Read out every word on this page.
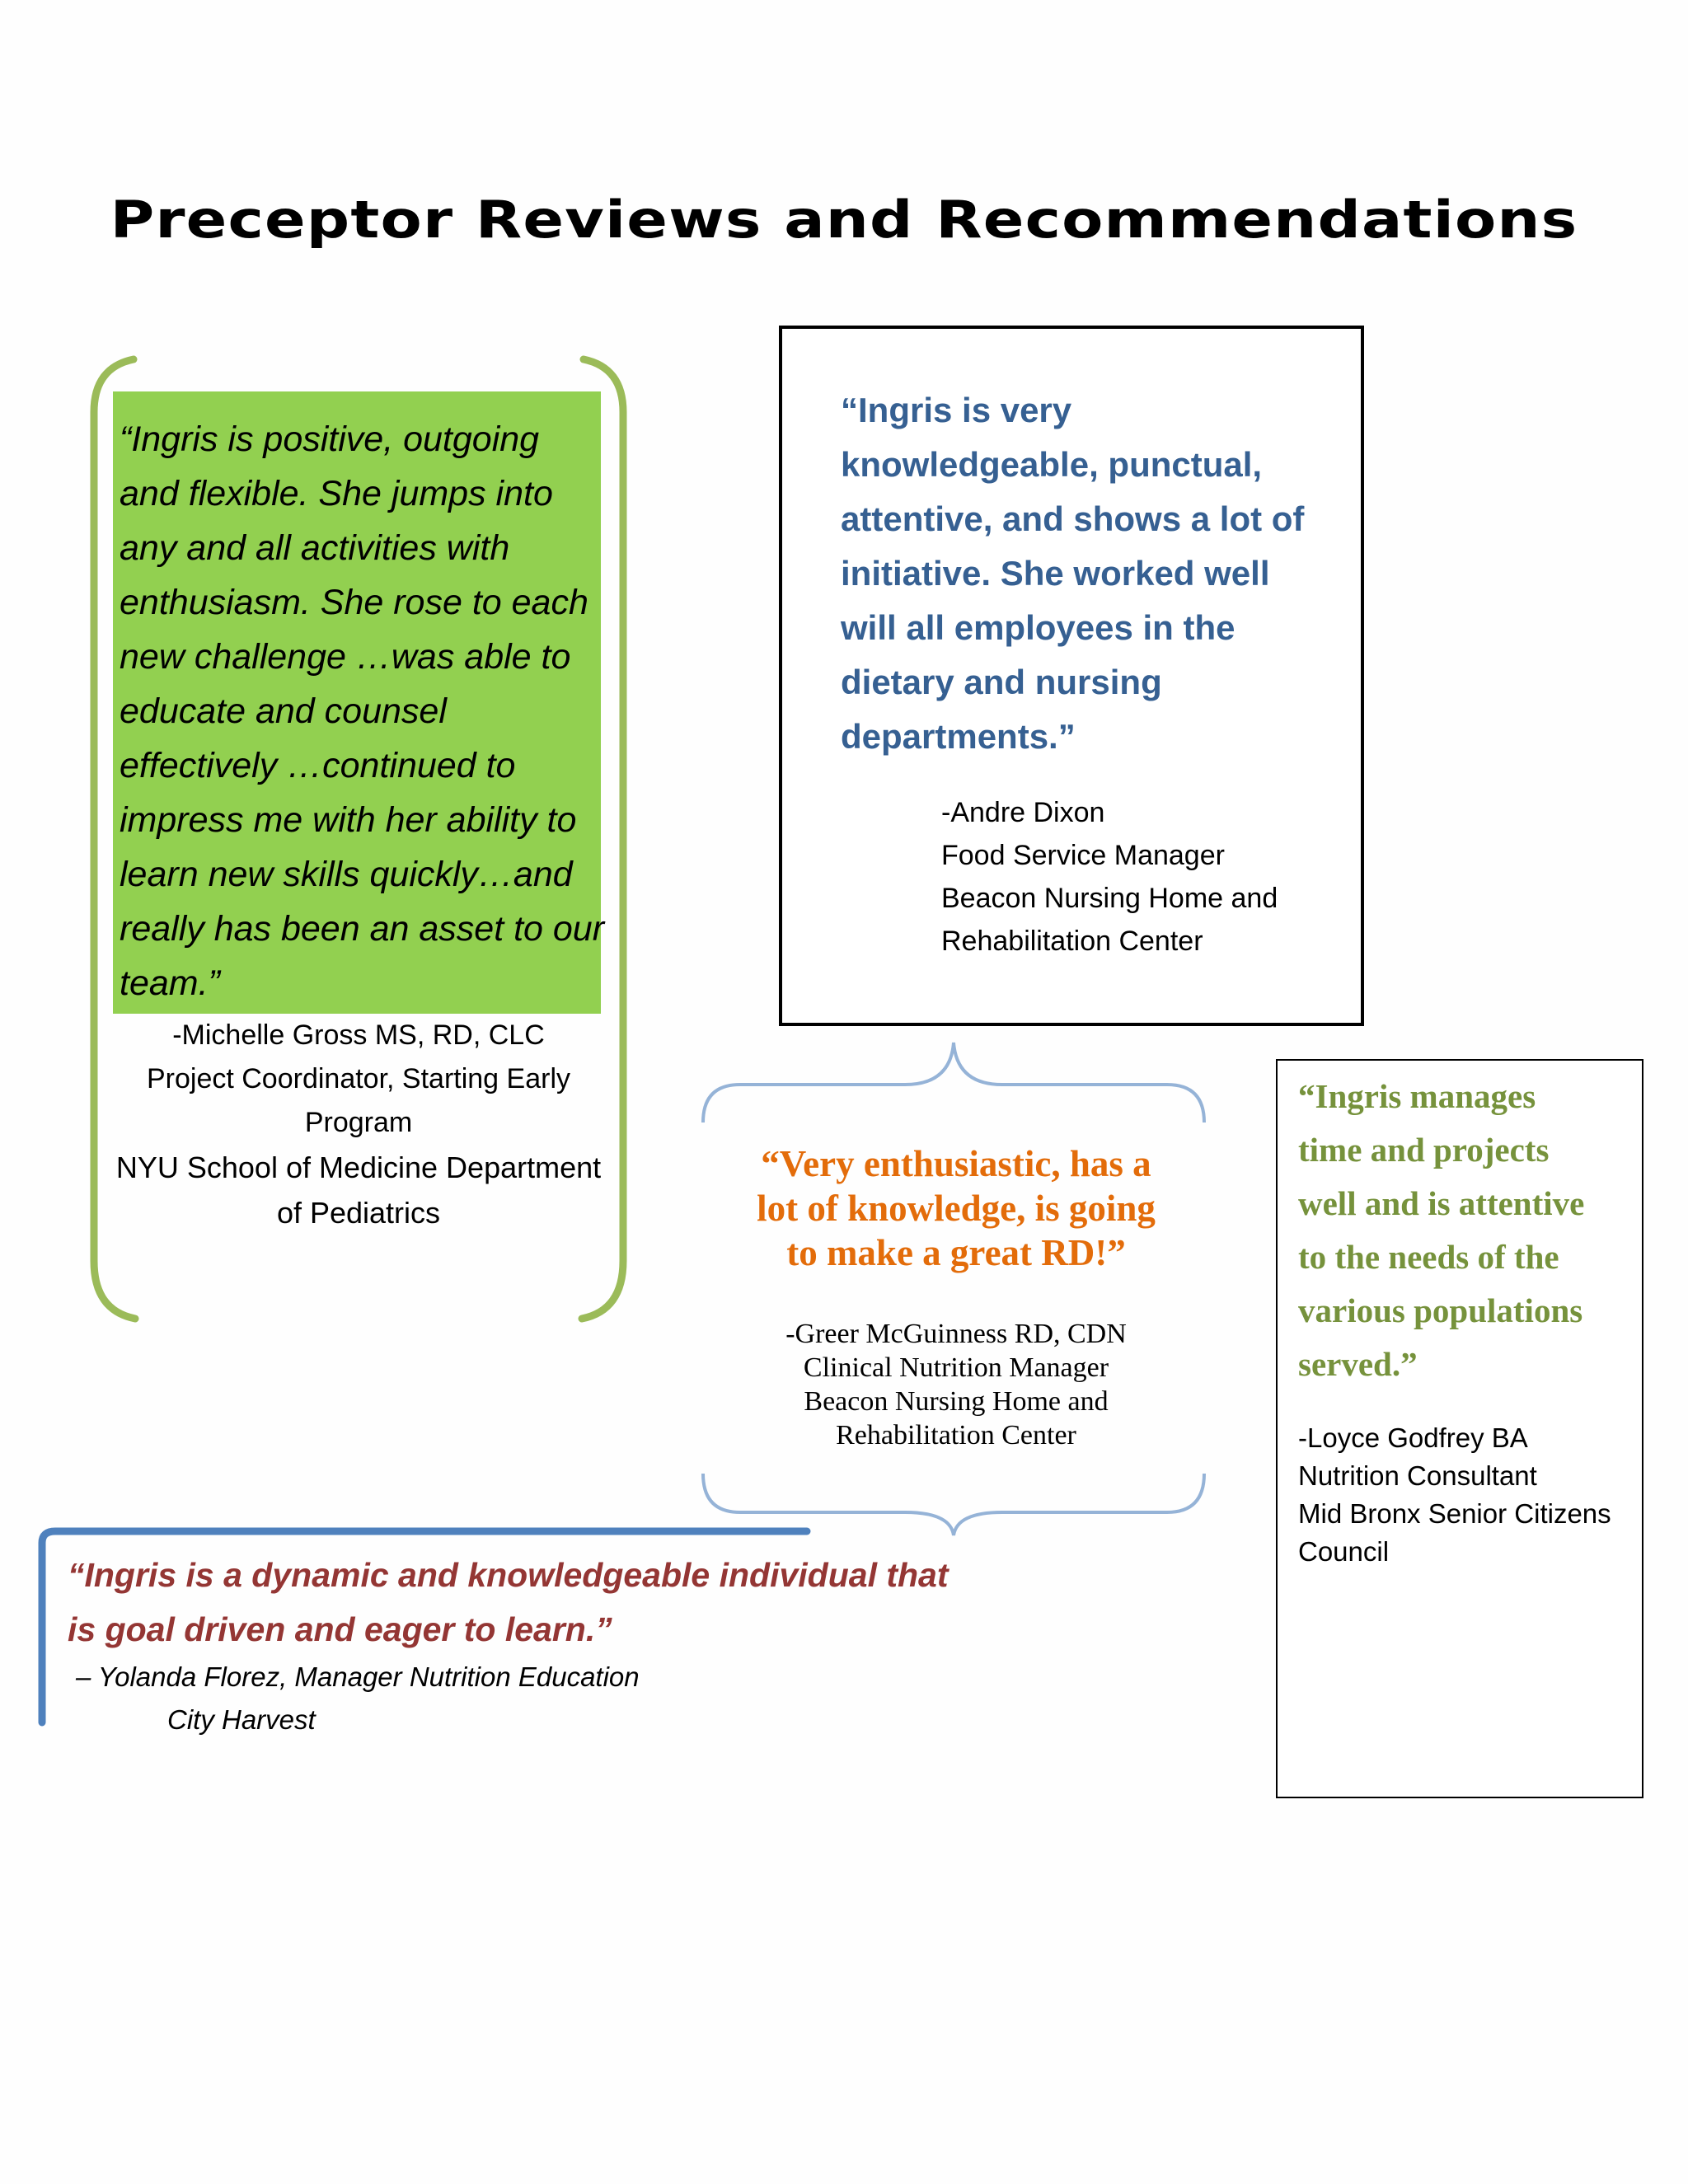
Preceptor Reviews and Recommendations

“Ingris is positive, outgoing
and flexible. She jumps into
any and all activities with
enthusiasm. She rose to each
new challenge …was able to
educate and counsel
effectively …continued to
impress me with her ability to
learn new skills quickly…and
really has been an asset to our
team.”

-Michelle Gross MS, RD, CLC
Project Coordinator, Starting Early
Program
NYU School of Medicine Department
of Pediatrics

“Ingris is very
knowledgeable, punctual,
attentive, and shows a lot of
initiative. She worked well
will all employees in the
dietary and nursing
departments.”

-Andre Dixon
Food Service Manager
Beacon Nursing Home and
Rehabilitation Center

“Very enthusiastic, has a
lot of knowledge, is going
to make a great RD!”

-Greer McGuinness RD, CDN
Clinical Nutrition Manager
Beacon Nursing Home and
Rehabilitation Center

“Ingris manages
time and projects
well and is attentive
to the needs of the
various populations
served.”

-Loyce Godfrey BA
Nutrition Consultant
Mid Bronx Senior Citizens
Council

“Ingris is a dynamic and knowledgeable individual that
is goal driven and eager to learn.”

– Yolanda Florez, Manager Nutrition Education
City Harvest
